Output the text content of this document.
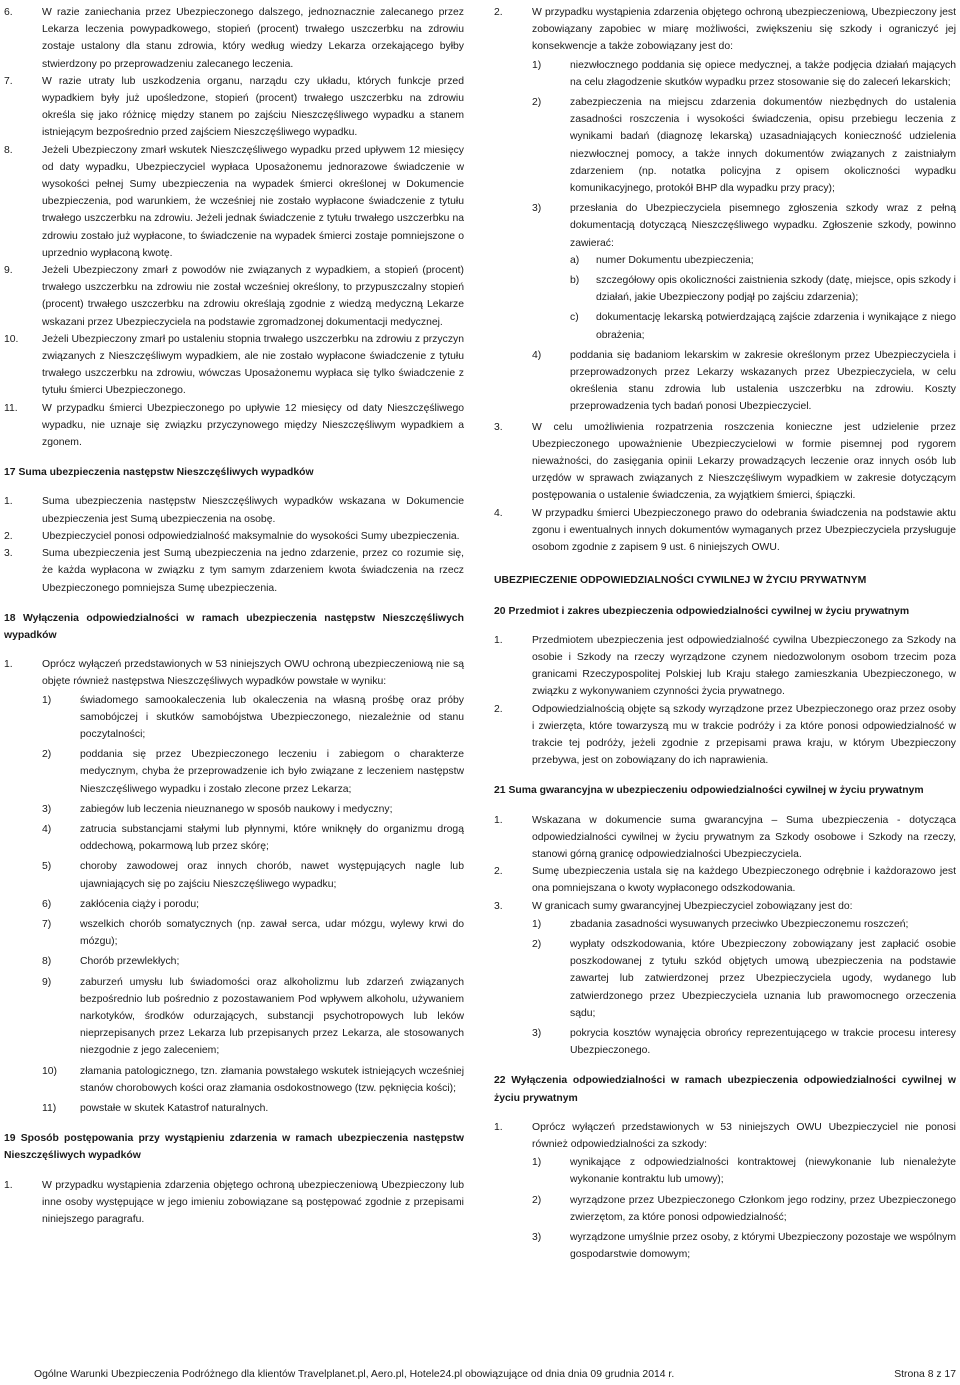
6.	W razie zaniechania przez Ubezpieczonego dalszego, jednoznacznie zalecanego przez Lekarza leczenia powypadkowego, stopień (procent) trwałego uszczerbku na zdrowiu zostaje ustalony dla stanu zdrowia, który według wiedzy Lekarza orzekającego byłby stwierdzony po przeprowadzeniu zalecanego leczenia.
7.	W razie utraty lub uszkodzenia organu, narządu czy układu, których funkcje przed wypadkiem były już upośledzone, stopień (procent) trwałego uszczerbku na zdrowiu określa się jako różnicę między stanem po zajściu Nieszczęśliwego wypadku a stanem istniejącym bezpośrednio przed zajściem Nieszczęśliwego wypadku.
8.	Jeżeli Ubezpieczony zmarł wskutek Nieszczęśliwego wypadku przed upływem 12 miesięcy od daty wypadku, Ubezpieczyciel wypłaca Uposażonemu jednorazowe świadczenie w wysokości pełnej Sumy ubezpieczenia na wypadek śmierci określonej w Dokumencie ubezpieczenia, pod warunkiem, że wcześniej nie zostało wypłacone świadczenie z tytułu trwałego uszczerbku na zdrowiu. Jeżeli jednak świadczenie z tytułu trwałego uszczerbku na zdrowiu zostało już wypłacone, to świadczenie na wypadek śmierci zostaje pomniejszone o uprzednio wypłaconą kwotę.
9.	Jeżeli Ubezpieczony zmarł z powodów nie związanych z wypadkiem, a stopień (procent) trwałego uszczerbku na zdrowiu nie został wcześniej określony, to przypuszczalny stopień (procent) trwałego uszczerbku na zdrowiu określają zgodnie z wiedzą medyczną Lekarze wskazani przez Ubezpieczyciela na podstawie zgromadzonej dokumentacji medycznej.
10. Jeżeli Ubezpieczony zmarł po ustaleniu stopnia trwałego uszczerbku na zdrowiu z przyczyn związanych z Nieszczęśliwym wypadkiem, ale nie zostało wypłacone świadczenie z tytułu trwałego uszczerbku na zdrowiu, wówczas Uposażonemu wypłaca się tylko świadczenie z tytułu śmierci Ubezpieczonego.
11. W przypadku śmierci Ubezpieczonego po upływie 12 miesięcy od daty Nieszczęśliwego wypadku, nie uznaje się związku przyczynowego między Nieszczęśliwym wypadkiem a zgonem.
17 Suma ubezpieczenia następstw Nieszczęśliwych wypadków
1.	Suma ubezpieczenia następstw Nieszczęśliwych wypadków wskazana w Dokumencie ubezpieczenia jest Sumą ubezpieczenia na osobę.
2.	Ubezpieczyciel ponosi odpowiedzialność maksymalnie do wysokości Sumy ubezpieczenia.
3.	Suma ubezpieczenia jest Sumą ubezpieczenia na jedno zdarzenie, przez co rozumie się, że każda wypłacona w związku z tym samym zdarzeniem kwota świadczenia na rzecz Ubezpieczonego pomniejsza Sumę ubezpieczenia.
18 Wyłączenia odpowiedzialności w ramach ubezpieczenia następstw Nieszczęśliwych wypadków
1.	Oprócz wyłączeń przedstawionych w 53 niniejszych OWU ochroną ubezpieczeniową nie są objęte również następstwa Nieszczęśliwych wypadków powstałe w wyniku:
1)	świadomego samookaleczenia lub okaleczenia na własną prośbę oraz próby samobójczej i skutków samobójstwa Ubezpieczonego, niezależnie od stanu poczytalności;
2)	poddania się przez Ubezpieczonego leczeniu i zabiegom o charakterze medycznym, chyba że przeprowadzenie ich było związane z leczeniem następstw Nieszczęśliwego wypadku i zostało zlecone przez Lekarza;
3)	zabiegów lub leczenia nieuznanego w sposób naukowy i medyczny;
4)	zatrucia substancjami stałymi lub płynnymi, które wniknęły do organizmu drogą oddechową, pokarmową lub przez skórę;
5)	choroby zawodowej oraz innych chorób, nawet występujących nagle lub ujawniających się po zajściu Nieszczęśliwego wypadku;
6)	zakłócenia ciąży i porodu;
7)	wszelkich chorób somatycznych (np. zawał serca, udar mózgu, wylewy krwi do mózgu);
8)	Chorób przewlekłych;
9)	zaburzeń umysłu lub świadomości oraz alkoholizmu lub zdarzeń związanych bezpośrednio lub pośrednio z pozostawaniem Pod wpływem alkoholu, używaniem narkotyków, środków odurzających, substancji psychotropowych lub leków nieprzepisanych przez Lekarza lub przepisanych przez Lekarza, ale stosowanych niezgodnie z jego zaleceniem;
10) złamania patologicznego, tzn. złamania powstałego wskutek istniejących wcześniej stanów chorobowych kości oraz złamania osdokostnowego (tzw. pęknięcia kości);
11) powstałe w skutek Katastrof naturalnych.
19 Sposób postępowania przy wystąpieniu zdarzenia w ramach ubezpieczenia następstw Nieszczęśliwych wypadków
1.	W przypadku wystąpienia zdarzenia objętego ochroną ubezpieczeniową Ubezpieczony lub inne osoby występujące w jego imieniu zobowiązane są postępować zgodnie z przepisami niniejszego paragrafu.
2.	W przypadku wystąpienia zdarzenia objętego ochroną ubezpieczeniową, Ubezpieczony jest zobowiązany zapobiec w miarę możliwości, zwiększeniu się szkody i ograniczyć jej konsekwencje a także zobowiązany jest do:
1)	niezwłocznego poddania się opiece medycznej, a także podjęcia działań mających na celu złagodzenie skutków wypadku przez stosowanie się do zaleceń lekarskich;
2)	zabezpieczenia na miejscu zdarzenia dokumentów niezbędnych do ustalenia zasadności roszczenia i wysokości świadczenia, opisu przebiegu leczenia z wynikami badań (diagnozę lekarską) uzasadniających konieczność udzielenia niezwłocznej pomocy, a także innych dokumentów związanych z zaistniałym zdarzeniem (np. notatka policyjna z opisem okoliczności wypadku komunikacyjnego, protokół BHP dla wypadku przy pracy);
3)	przesłania do Ubezpieczyciela pisemnego zgłoszenia szkody wraz z pełną dokumentacją dotyczącą Nieszczęśliwego wypadku. Zgłoszenie szkody, powinno zawierać:
a) numer Dokumentu ubezpieczenia;
b) szczegółowy opis okoliczności zaistnienia szkody (datę, miejsce, opis szkody i działań, jakie Ubezpieczony podjął po zajściu zdarzenia);
c) dokumentację lekarską potwierdzającą zajście zdarzenia i wynikające z niego obrażenia;
4)	poddania się badaniom lekarskim w zakresie określonym przez Ubezpieczyciela i przeprowadzonych przez Lekarzy wskazanych przez Ubezpieczyciela, w celu określenia stanu zdrowia lub ustalenia uszczerbku na zdrowiu. Koszty przeprowadzenia tych badań ponosi Ubezpieczyciel.
3.	W celu umożliwienia rozpatrzenia roszczenia konieczne jest udzielenie przez Ubezpieczonego upoważnienie Ubezpieczycielowi w formie pisemnej pod rygorem nieważności, do zasięgania opinii Lekarzy prowadzących leczenie oraz innych osób lub urzędów w sprawach związanych z Nieszczęśliwym wypadkiem w zakresie dotyczącym postępowania o ustalenie świadczenia, za wyjątkiem śmierci, śpiączki.
4.	W przypadku śmierci Ubezpieczonego prawo do odebrania świadczenia na podstawie aktu zgonu i ewentualnych innych dokumentów wymaganych przez Ubezpieczyciela przysługuje osobom zgodnie z zapisem 9 ust. 6 niniejszych OWU.
UBEZPIECZENIE ODPOWIEDZIALNOŚCI CYWILNEJ W ŻYCIU PRYWATNYM
20 Przedmiot i zakres ubezpieczenia odpowiedzialności cywilnej w życiu prywatnym
1.	Przedmiotem ubezpieczenia jest odpowiedzialność cywilna Ubezpieczonego za Szkody na osobie i Szkody na rzeczy wyrządzone czynem niedozwolonym osobom trzecim poza granicami Rzeczypospolitej Polskiej lub Kraju stałego zamieszkania Ubezpieczonego, w związku z wykonywaniem czynności życia prywatnego.
2.	Odpowiedzialnością objęte są szkody wyrządzone przez Ubezpieczonego oraz przez osoby i zwierzęta, które towarzyszą mu w trakcie podróży i za które ponosi odpowiedzialność w trakcie tej podróży, jeżeli zgodnie z przepisami prawa kraju, w którym Ubezpieczony przebywa, jest on zobowiązany do ich naprawienia.
21 Suma gwarancyjna w ubezpieczeniu odpowiedzialności cywilnej w życiu prywatnym
1.	Wskazana w dokumencie suma gwarancyjna – Suma ubezpieczenia - dotycząca odpowiedzialności cywilnej w życiu prywatnym za Szkody osobowe i Szkody na rzeczy, stanowi górną granicę odpowiedzialności Ubezpieczyciela.
2.	Sumę ubezpieczenia ustala się na każdego Ubezpieczonego odrębnie i każdorazowo jest ona pomniejszana o kwoty wypłaconego odszkodowania.
3.	W granicach sumy gwarancyjnej Ubezpieczyciel zobowiązany jest do:
1)	zbadania zasadności wysuwanych przeciwko Ubezpieczonemu roszczeń;
2)	wypłaty odszkodowania, które Ubezpieczony zobowiązany jest zapłacić osobie poszkodowanej z tytułu szkód objętych umową ubezpieczenia na podstawie zawartej lub zatwierdzonej przez Ubezpieczyciela ugody, wydanego lub zatwierdzonego przez Ubezpieczyciela uznania lub prawomocnego orzeczenia sądu;
3)	pokrycia kosztów wynajęcia obrońcy reprezentującego w trakcie procesu interesy Ubezpieczonego.
22 Wyłączenia odpowiedzialności w ramach ubezpieczenia odpowiedzialności cywilnej w życiu prywatnym
1.	Oprócz wyłączeń przedstawionych w 53 niniejszych OWU Ubezpieczyciel nie ponosi również odpowiedzialności za szkody:
1)	wynikające z odpowiedzialności kontraktowej (niewykonanie lub nienależyte wykonanie kontraktu lub umowy);
2)	wyrządzone przez Ubezpieczonego Członkom jego rodziny, przez Ubezpieczonego zwierzętom, za które ponosi odpowiedzialność;
3)	wyrządzone umyślnie przez osoby, z którymi Ubezpieczony pozostaje we wspólnym gospodarstwie domowym;
Ogólne Warunki Ubezpieczenia Podróżnego dla klientów Travelplanet.pl, Aero.pl, Hotele24.pl obowiązujące od dnia dnia 09 grudnia 2014 r.	Strona 8 z 17
